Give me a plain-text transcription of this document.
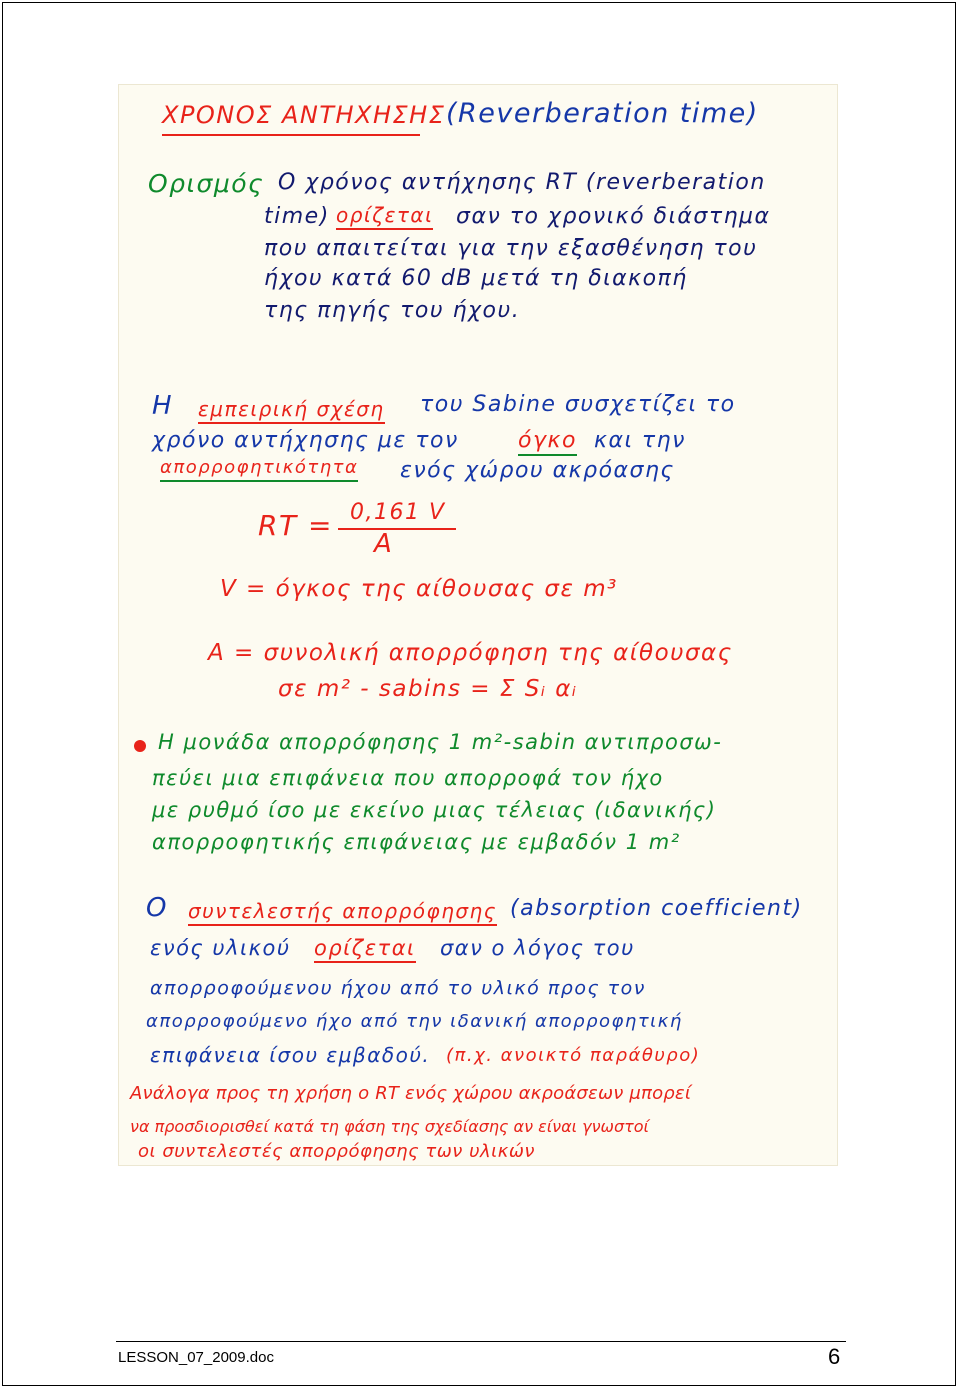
ΧΡΟΝΟΣ ΑΝΤΗΧΗΣΗΣ (Reverberation time)

Ορισμός Ο χρόνος αντήχησης RT (reverberation

time) ορίζεται σαν το χρονικό διάστημα

που απαιτείται για την εξασθένηση του

ήχου κατά 60 dB μετά τη διακοπή

της πηγής του ήχου.

Η εμπειρική σχέση του Sabine συσχετίζει το

χρόνο αντήχησης με τον	όγκο και την

απορροφητικότητα ενός χώρου ακρόασης

RT = 0,161 V

A

V = όγκος της αίθουσας σε m³

A = συνολική απορρόφηση της αίθουσας

σε m² - sabins = Σ Sᵢ αᵢ

Η μονάδα απορρόφησης 1 m²-sabin αντιπροσω-

πεύει μια επιφάνεια που απορροφά τον ήχο

με ρυθμό ίσο με εκείνο μιας τέλειας (ιδανικής)

απορροφητικής επιφάνειας με εμβαδόν 1 m²

Ο συντελεστής απορρόφησης (absorption coefficient)

ενός υλικού ορίζεται σαν ο λόγος του

απορροφούμενου ήχου από το υλικό προς τον

απορροφούμενο ήχο από την ιδανική απορροφητική

επιφάνεια ίσου εμβαδού. (π.χ. ανοικτό παράθυρο)

Ανάλογα προς τη χρήση ο RT ενός χώρου ακροάσεων μπορεί

να προσδιορισθεί κατά τη φάση της σχεδίασης αν είναι γνωστοί

οι συντελεστές απορρόφησης των υλικών

LESSON_07_2009.doc	6
